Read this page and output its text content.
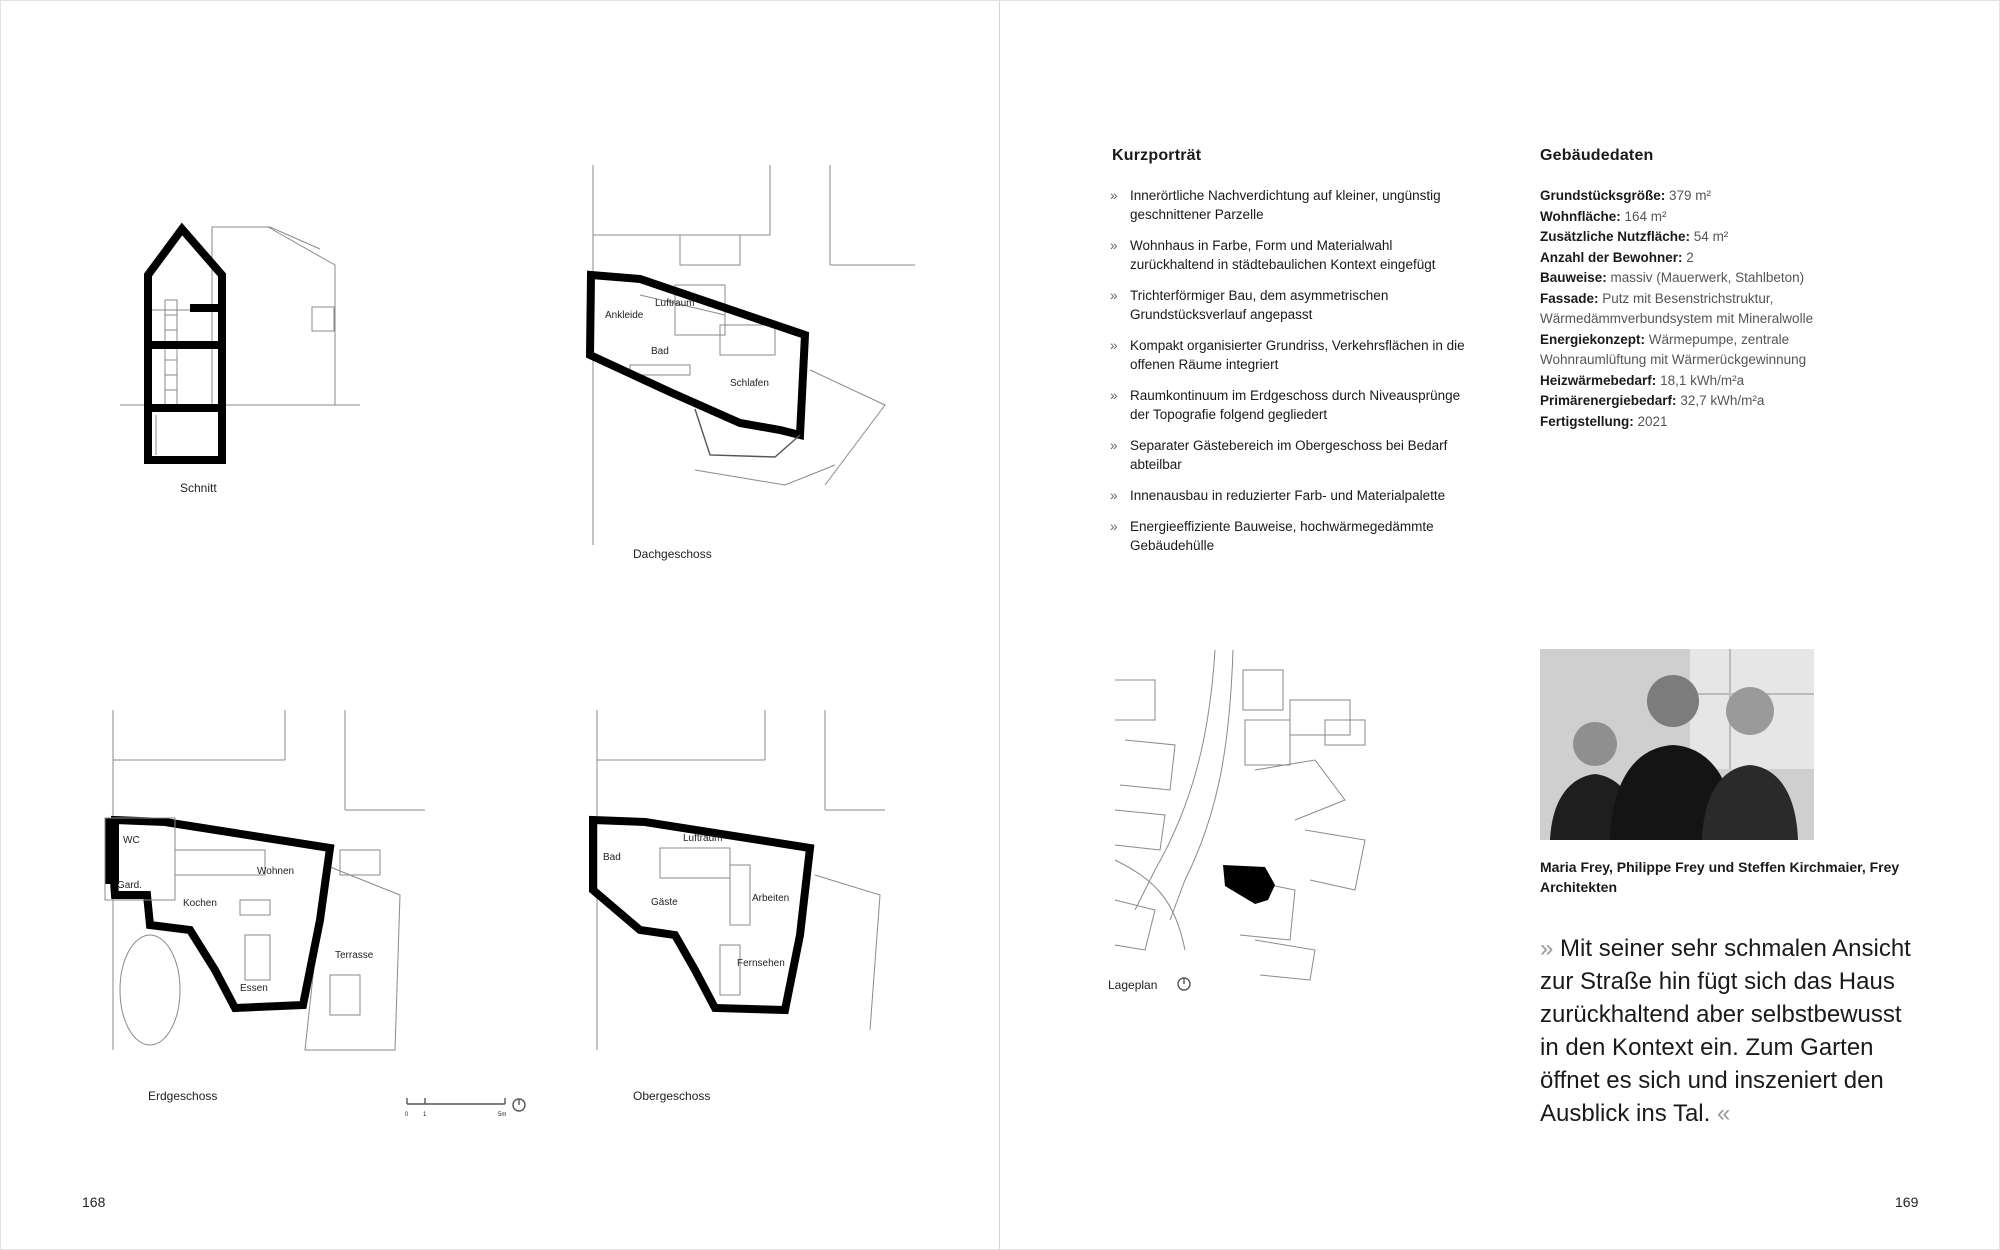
Schnitt
Ankleide
Luftraum
Bad
Schlafen
Dachgeschoss
WC
Gard.
Kochen
Wohnen
Essen
Terrasse
Erdgeschoss
0 1	5m
Bad
Luftraum
Gäste	Arbeiten
Fernsehen
Obergeschoss
168
Kurzporträt
» Innerörtliche Nachverdichtung auf kleiner, ungünstig geschnittener Parzelle
» Wohnhaus in Farbe, Form und Materialwahl zurückhaltend in städtebaulichen Kontext eingefügt
» Trichterförmiger Bau, dem asymmetrischen Grundstücksverlauf angepasst
» Kompakt organisierter Grundriss, Verkehrsflächen in die offenen Räume integriert
» Raumkontinuum im Erdgeschoss durch Niveausprünge der Topografie folgend gegliedert
» Separater Gästebereich im Obergeschoss bei Bedarf abteilbar
» Innenausbau in reduzierter Farb- und Materialpalette
» Energieeffiziente Bauweise, hochwärmegedämmte Gebäudehülle
Gebäudedaten
Grundstücksgröße: 379 m²
Wohnfläche: 164 m²
Zusätzliche Nutzfläche: 54 m²
Anzahl der Bewohner: 2
Bauweise: massiv (Mauerwerk, Stahlbeton)
Fassade: Putz mit Besenstrichstruktur, Wärmedämmverbundsystem mit Mineralwolle
Energiekonzept: Wärmepumpe, zentrale Wohnraumlüftung mit Wärmerückgewinnung
Heizwärmebedarf: 18,1 kWh/m²a
Primärenergiebedarf: 32,7 kWh/m²a
Fertigstellung: 2021
Lageplan
Maria Frey, Philippe Frey und Steffen Kirchmaier, Frey Architekten
» Mit seiner sehr schmalen Ansicht zur Straße hin fügt sich das Haus zurückhaltend aber selbstbewusst in den Kontext ein. Zum Garten öffnet es sich und inszeniert den Ausblick ins Tal. «
169
